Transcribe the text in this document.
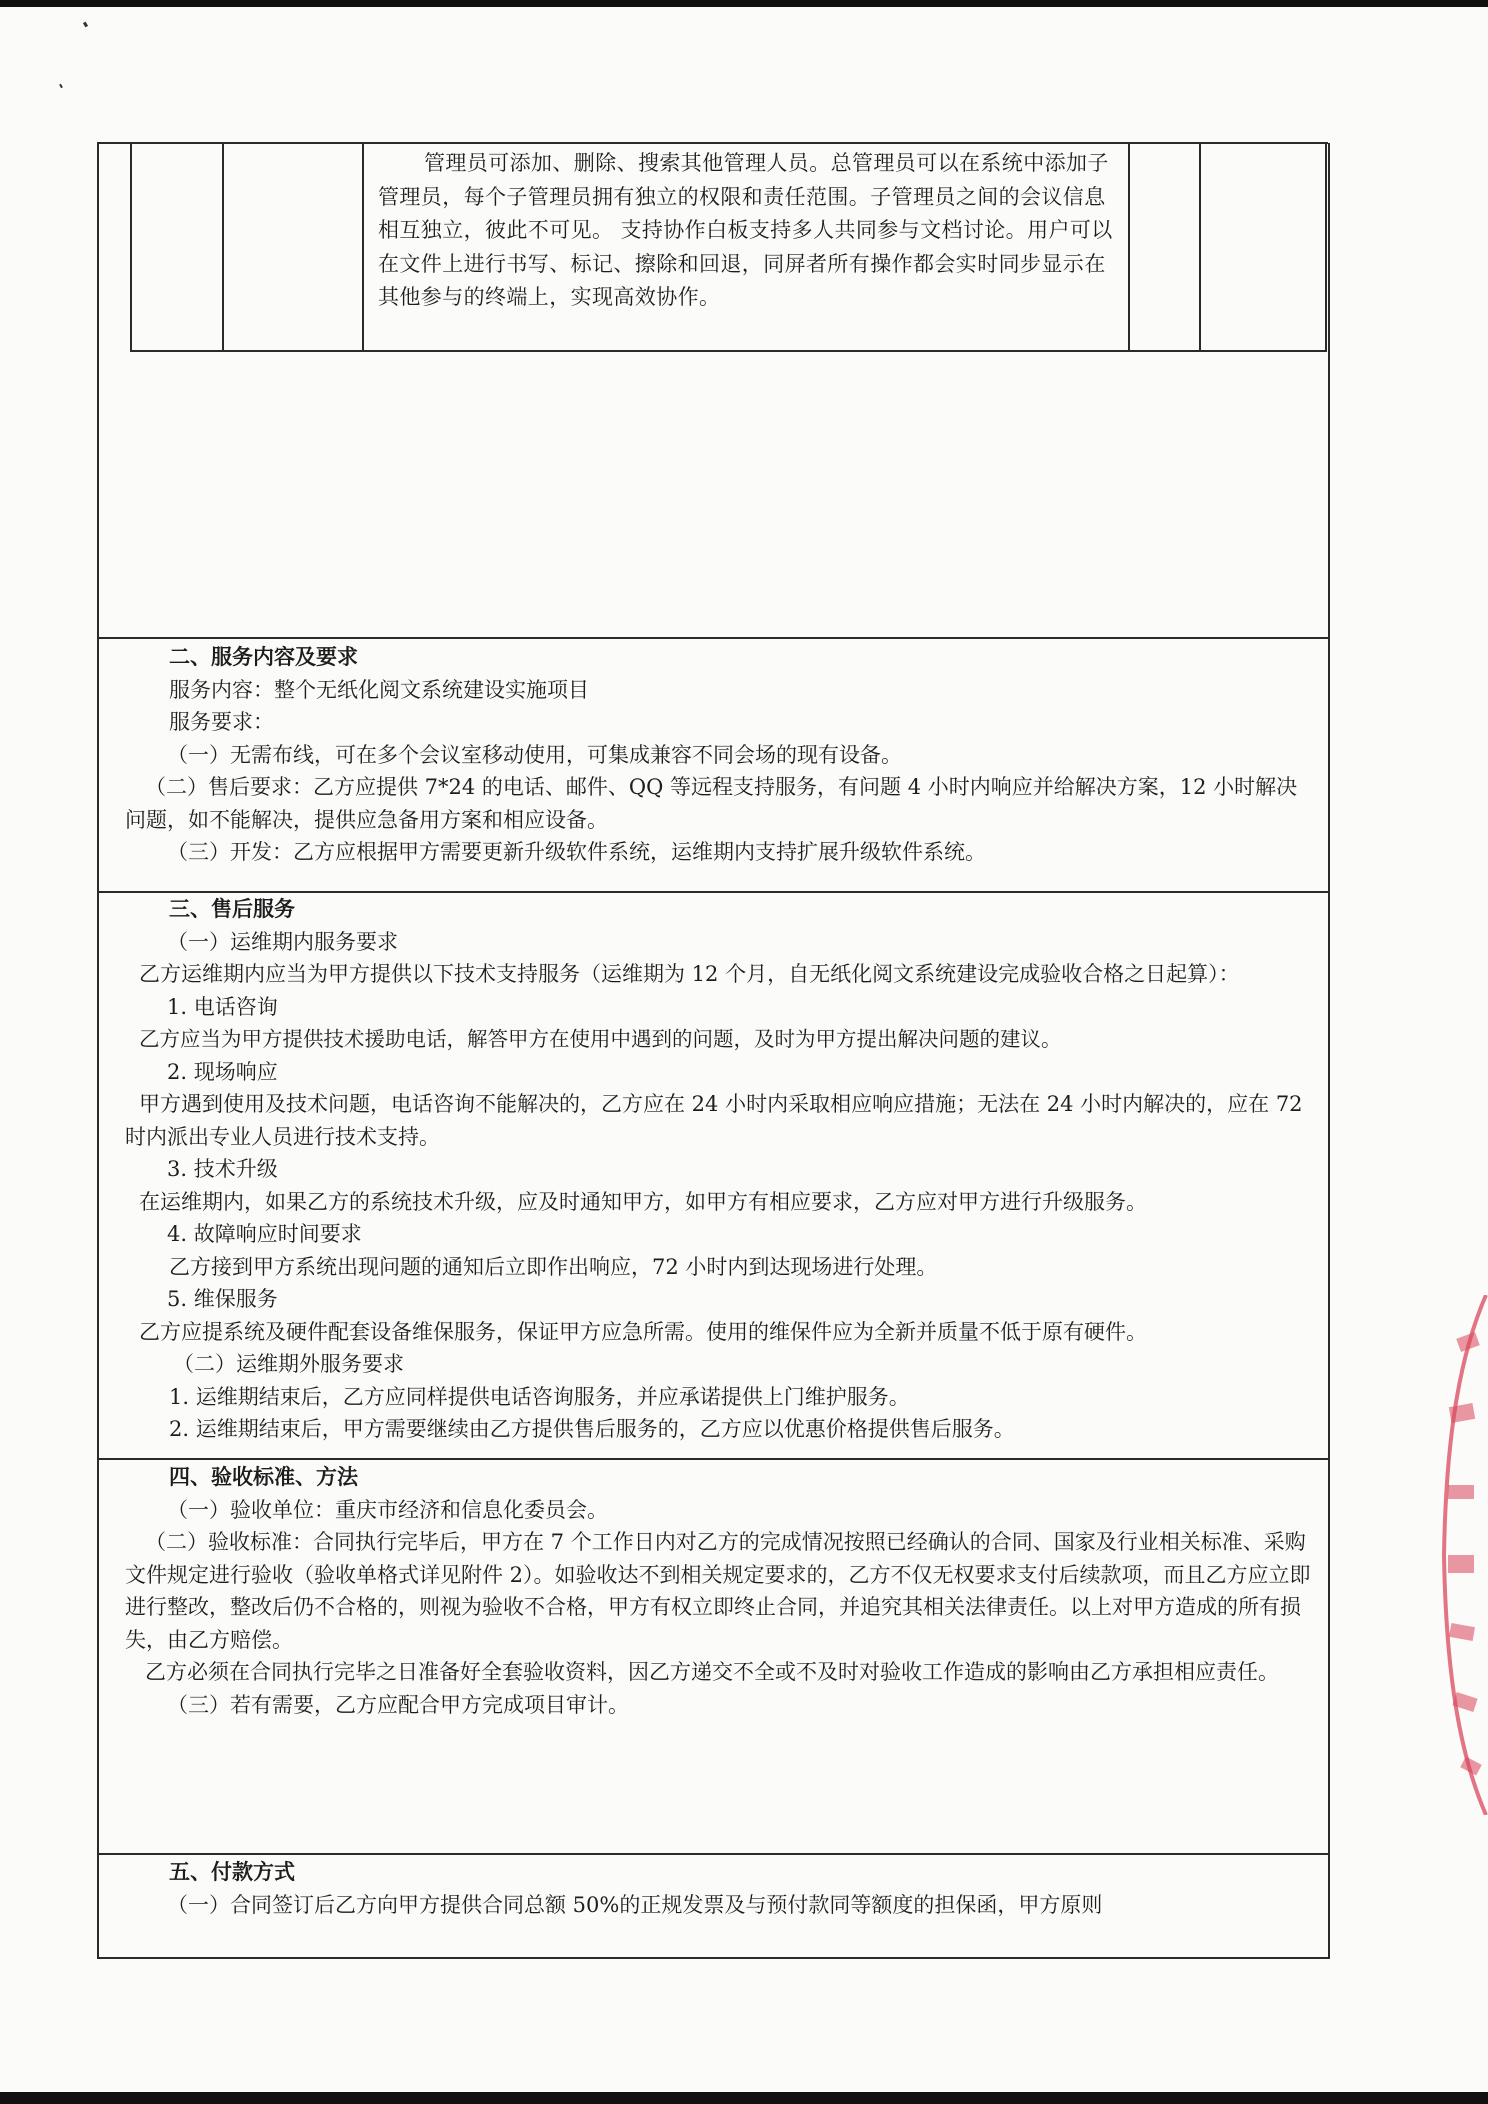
管理员可添加、删除、搜索其他管理人员。总管理员可以在系统中添加子管理员，每个子管理员拥有独立的权限和责任范围。子管理员之间的会议信息相互独立，彼此不可见。 支持协作白板支持多人共同参与文档讨论。用户可以在文件上进行书写、标记、擦除和回退，同屏者所有操作都会实时同步显示在其他参与的终端上，实现高效协作。
二、服务内容及要求
服务内容：整个无纸化阅文系统建设实施项目
服务要求：
（一）无需布线，可在多个会议室移动使用，可集成兼容不同会场的现有设备。
（二）售后要求：乙方应提供 7*24 的电话、邮件、QQ 等远程支持服务，有问题 4 小时内响应并给解决方案，12 小时解决问题，如不能解决，提供应急备用方案和相应设备。
（三）开发：乙方应根据甲方需要更新升级软件系统，运维期内支持扩展升级软件系统。
三、售后服务
（一）运维期内服务要求
乙方运维期内应当为甲方提供以下技术支持服务（运维期为 12 个月，自无纸化阅文系统建设完成验收合格之日起算）：
1. 电话咨询
乙方应当为甲方提供技术援助电话，解答甲方在使用中遇到的问题，及时为甲方提出解决问题的建议。
2. 现场响应
甲方遇到使用及技术问题，电话咨询不能解决的，乙方应在 24 小时内采取相应响应措施；无法在 24 小时内解决的，应在 72 时内派出专业人员进行技术支持。
3. 技术升级
在运维期内，如果乙方的系统技术升级，应及时通知甲方，如甲方有相应要求，乙方应对甲方进行升级服务。
4. 故障响应时间要求
乙方接到甲方系统出现问题的通知后立即作出响应，72 小时内到达现场进行处理。
5. 维保服务
乙方应提系统及硬件配套设备维保服务，保证甲方应急所需。使用的维保件应为全新并质量不低于原有硬件。
（二）运维期外服务要求
1. 运维期结束后，乙方应同样提供电话咨询服务，并应承诺提供上门维护服务。
2. 运维期结束后，甲方需要继续由乙方提供售后服务的，乙方应以优惠价格提供售后服务。
四、验收标准、方法
（一）验收单位：重庆市经济和信息化委员会。
（二）验收标准：合同执行完毕后，甲方在 7 个工作日内对乙方的完成情况按照已经确认的合同、国家及行业相关标准、采购文件规定进行验收（验收单格式详见附件 2）。如验收达不到相关规定要求的，乙方不仅无权要求支付后续款项，而且乙方应立即进行整改，整改后仍不合格的，则视为验收不合格，甲方有权立即终止合同，并追究其相关法律责任。以上对甲方造成的所有损失，由乙方赔偿。
乙方必须在合同执行完毕之日准备好全套验收资料，因乙方递交不全或不及时对验收工作造成的影响由乙方承担相应责任。
（三）若有需要，乙方应配合甲方完成项目审计。
五、付款方式
（一）合同签订后乙方向甲方提供合同总额 50%的正规发票及与预付款同等额度的担保函，甲方原则
